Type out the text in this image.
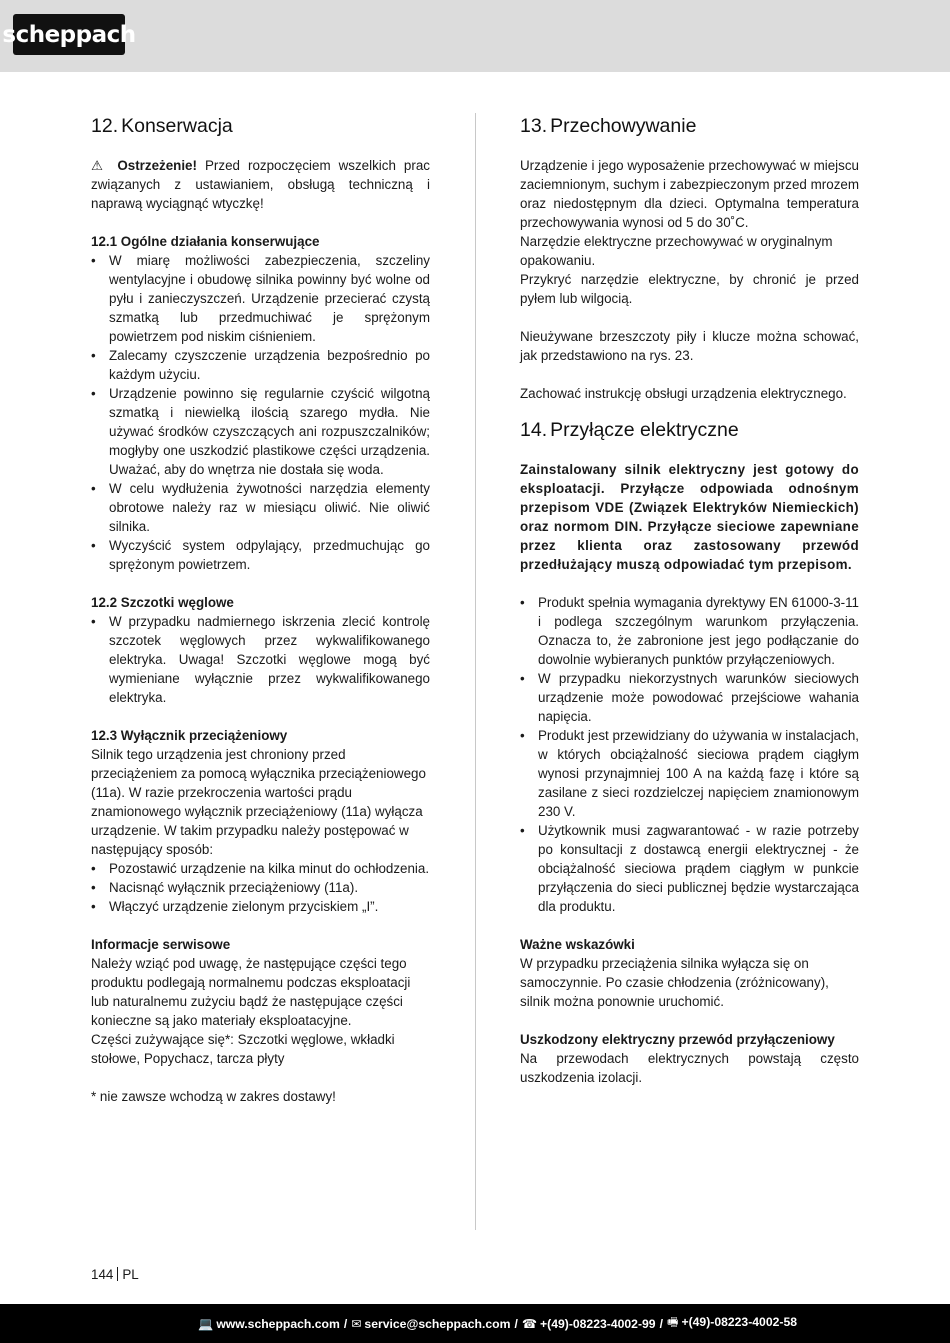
scheppach
12. Konserwacja

⚠ Ostrzeżenie! Przed rozpoczęciem wszelkich prac związanych z ustawianiem, obsługą techniczną i naprawą wyciągnąć wtyczkę!

12.1 Ogólne działania konserwujące

• W miarę możliwości zabezpieczenia, szczeliny wentylacyjne i obudowę silnika powinny być wolne od pyłu i zanieczyszczeń. Urządzenie przecierać czystą szmatką lub przedmuchiwać je sprężonym powietrzem pod niskim ciśnieniem.
• Zalecamy czyszczenie urządzenia bezpośrednio po każdym użyciu.
• Urządzenie powinno się regularnie czyścić wilgotną szmatką i niewielką ilością szarego mydła. Nie używać środków czyszczących ani rozpuszczalników; mogłyby one uszkodzić plastikowe części urządzenia. Uważać, aby do wnętrza nie dostała się woda.
• W celu wydłużenia żywotności narzędzia elementy obrotowe należy raz w miesiącu oliwić. Nie oliwić silnika.
• Wyczyścić system odpylający, przedmuchując go sprężonym powietrzem.

12.2 Szczotki węglowe

• W przypadku nadmiernego iskrzenia zlecić kontrolę szczotek węglowych przez wykwalifikowanego elektryka. Uwaga! Szczotki węglowe mogą być wymieniane wyłącznie przez wykwalifikowanego elektryka.

12.3 Wyłącznik przeciążeniowy

Silnik tego urządzenia jest chroniony przed przeciążeniem za pomocą wyłącznika przeciążeniowego (11a). W razie przekroczenia wartości prądu znamionowego wyłącznik przeciążeniowy (11a) wyłącza urządzenie. W takim przypadku należy postępować w następujący sposób:

• Pozostawić urządzenie na kilka minut do ochłodzenia.
• Nacisnąć wyłącznik przeciążeniowy (11a).
• Włączyć urządzenie zielonym przyciskiem „I”.

Informacje serwisowe

Należy wziąć pod uwagę, że następujące części tego produktu podlegają normalnemu podczas eksploatacji lub naturalnemu zużyciu bądź że następujące części konieczne są jako materiały eksploatacyjne.

Części zużywające się*: Szczotki węglowe, wkładki stołowe, Popychacz, tarcza płyty

* nie zawsze wchodzą w zakres dostawy!

13. Przechowywanie

Urządzenie i jego wyposażenie przechowywać w miejscu zaciemnionym, suchym i zabezpieczonym przed mrozem oraz niedostępnym dla dzieci. Optymalna temperatura przechowywania wynosi od 5 do 30˚C.

Narzędzie elektryczne przechowywać w oryginalnym opakowaniu.

Przykryć narzędzie elektryczne, by chronić je przed pyłem lub wilgocią.

Nieużywane brzeszczoty piły i klucze można schować, jak przedstawiono na rys. 23.

Zachować instrukcję obsługi urządzenia elektrycznego.

14. Przyłącze elektryczne

Zainstalowany silnik elektryczny jest gotowy do eksploatacji. Przyłącze odpowiada odnośnym przepisom VDE (Związek Elektryków Niemieckich) oraz normom DIN. Przyłącze sieciowe zapewniane przez klienta oraz zastosowany przewód przedłużający muszą odpowiadać tym przepisom.

• Produkt spełnia wymagania dyrektywy EN 61000-3-11 i podlega szczególnym warunkom przyłączenia. Oznacza to, że zabronione jest jego podłączanie do dowolnie wybieranych punktów przyłączeniowych.
• W przypadku niekorzystnych warunków sieciowych urządzenie może powodować przejściowe wahania napięcia.
• Produkt jest przewidziany do używania w instalacjach, w których obciążalność sieciowa prądem ciągłym wynosi przynajmniej 100 A na każdą fazę i które są zasilane z sieci rozdzielczej napięciem znamionowym 230 V.
• Użytkownik musi zagwarantować - w razie potrzeby po konsultacji z dostawcą energii elektrycznej - że obciążalność sieciowa prądem ciągłym w punkcie przyłączenia do sieci publicznej będzie wystarczająca dla produktu.

Ważne wskazówki

W przypadku przeciążenia silnika wyłącza się on samoczynnie. Po czasie chłodzenia (zróżnicowany), silnik można ponownie uruchomić.

Uszkodzony elektryczny przewód przyłączeniowy

Na przewodach elektrycznych powstają często uszkodzenia izolacji.

144 PL
💻 www.scheppach.com / ✉ service@scheppach.com / ☎ +(49)-08223-4002-99 / 🖷 +(49)-08223-4002-58
